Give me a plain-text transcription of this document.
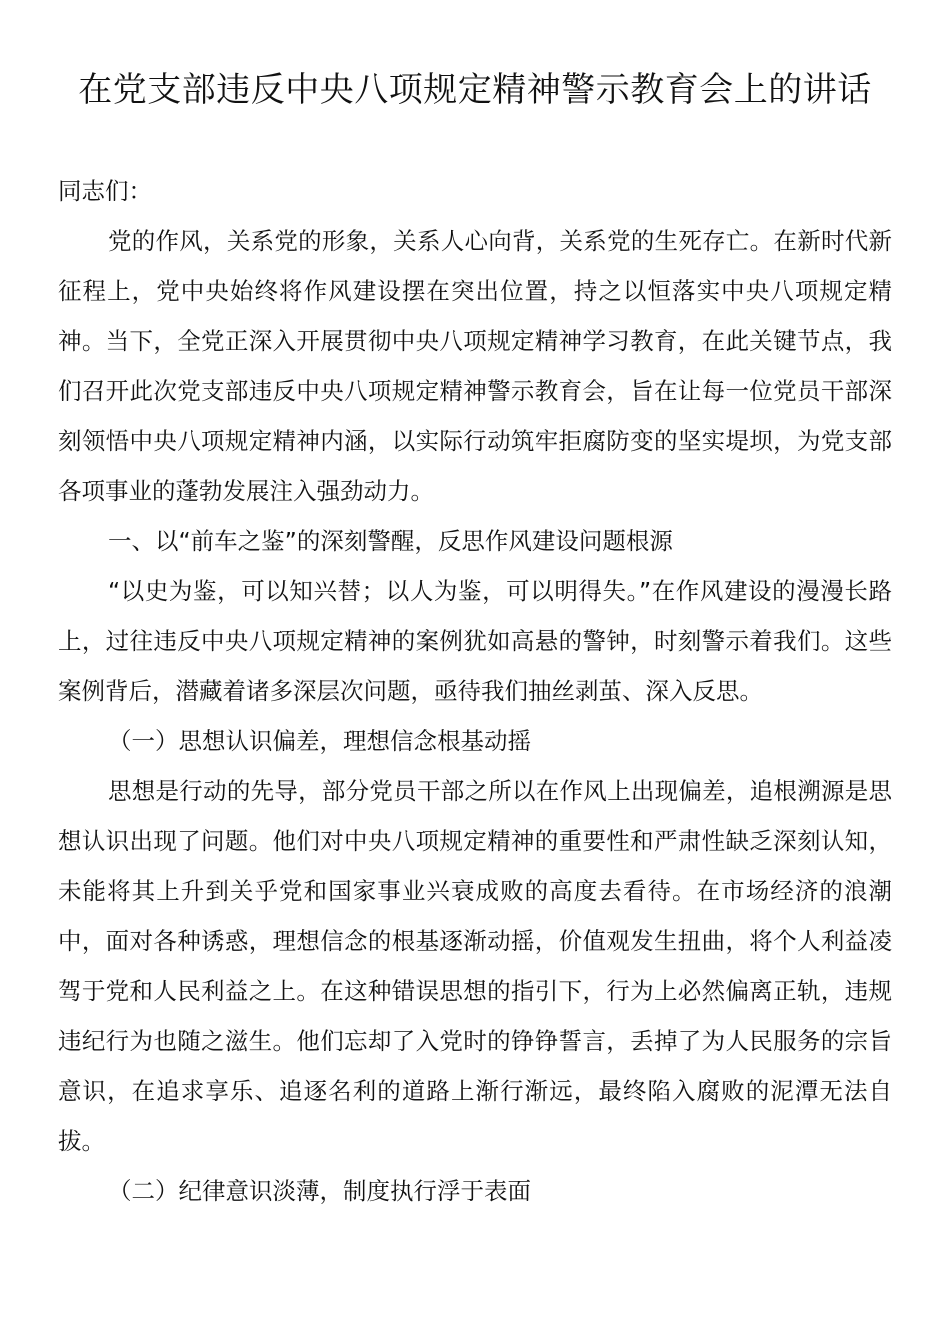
在党支部违反中央八项规定精神警示教育会上的讲话

同志们：

党的作风，关系党的形象，关系人心向背，关系党的生死存亡。在新时代新征程上，党中央始终将作风建设摆在突出位置，持之以恒落实中央八项规定精神。当下，全党正深入开展贯彻中央八项规定精神学习教育，在此关键节点，我们召开此次党支部违反中央八项规定精神警示教育会，旨在让每一位党员干部深刻领悟中央八项规定精神内涵，以实际行动筑牢拒腐防变的坚实堤坝，为党支部各项事业的蓬勃发展注入强劲动力。

一、以“前车之鉴”的深刻警醒，反思作风建设问题根源

“以史为鉴，可以知兴替；以人为鉴，可以明得失。”在作风建设的漫漫长路上，过往违反中央八项规定精神的案例犹如高悬的警钟，时刻警示着我们。这些案例背后，潜藏着诸多深层次问题，亟待我们抽丝剥茧、深入反思。

（一）思想认识偏差，理想信念根基动摇

思想是行动的先导，部分党员干部之所以在作风上出现偏差，追根溯源是思想认识出现了问题。他们对中央八项规定精神的重要性和严肃性缺乏深刻认知，未能将其上升到关乎党和国家事业兴衰成败的高度去看待。在市场经济的浪潮中，面对各种诱惑，理想信念的根基逐渐动摇，价值观发生扭曲，将个人利益凌驾于党和人民利益之上。在这种错误思想的指引下，行为上必然偏离正轨，违规违纪行为也随之滋生。他们忘却了入党时的铮铮誓言，丢掉了为人民服务的宗旨意识，在追求享乐、追逐名利的道路上渐行渐远，最终陷入腐败的泥潭无法自拔。

（二）纪律意识淡薄，制度执行浮于表面
